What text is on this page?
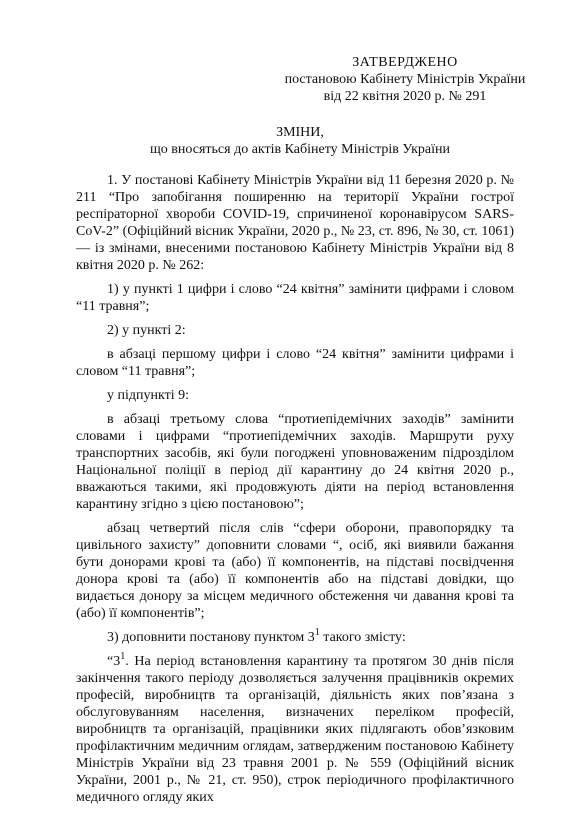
ЗАТВЕРДЖЕНО
постановою Кабінету Міністрів України
від 22 квітня 2020 р. № 291
ЗМІНИ,
що вносяться до актів Кабінету Міністрів України

1. У постанові Кабінету Міністрів України від 11 березня 2020 р. № 211 “Про запобігання поширенню на території України гострої респіраторної хвороби COVID-19, спричиненої коронавірусом SARS-CoV-2” (Офіційний вісник України, 2020 р., № 23, ст. 896, № 30, ст. 1061) — із змінами, внесеними постановою Кабінету Міністрів України від 8 квітня 2020 р. № 262:

1) у пункті 1 цифри і слово “24 квітня” замінити цифрами і словом “11 травня”;

2) у пункті 2:

в абзаці першому цифри і слово “24 квітня” замінити цифрами і словом “11 травня”;

у підпункті 9:

в абзаці третьому слова “протиепідемічних заходів” замінити словами і цифрами “протиепідемічних заходів. Маршрути руху транспортних засобів, які були погоджені уповноваженим підрозділом Національної поліції в період дії карантину до 24 квітня 2020 р., вважаються такими, які продовжують діяти на період встановлення карантину згідно з цією постановою”;

абзац четвертий після слів “сфери оборони, правопорядку та цивільного захисту” доповнити словами “, осіб, які виявили бажання бути донорами крові та (або) її компонентів, на підставі посвідчення донора крові та (або) її компонентів або на підставі довідки, що видається донору за місцем медичного обстеження чи давання крові та (або) її компонентів”;

3) доповнити постанову пунктом $3^1$ такого змісту:

“$3^1$. На період встановлення карантину та протягом 30 днів після закінчення такого періоду дозволяється залучення працівників окремих професій, виробництв та організацій, діяльність яких пов’язана з обслуговуванням населення, визначених переліком професій, виробництв та організацій, працівники яких підлягають обов’язковим профілактичним медичним оглядам, затвердженим постановою Кабінету Міністрів України від 23 травня 2001 р. № 559 (Офіційний вісник України, 2001 р., № 21, ст. 950), строк періодичного профілактичного медичного огляду яких
